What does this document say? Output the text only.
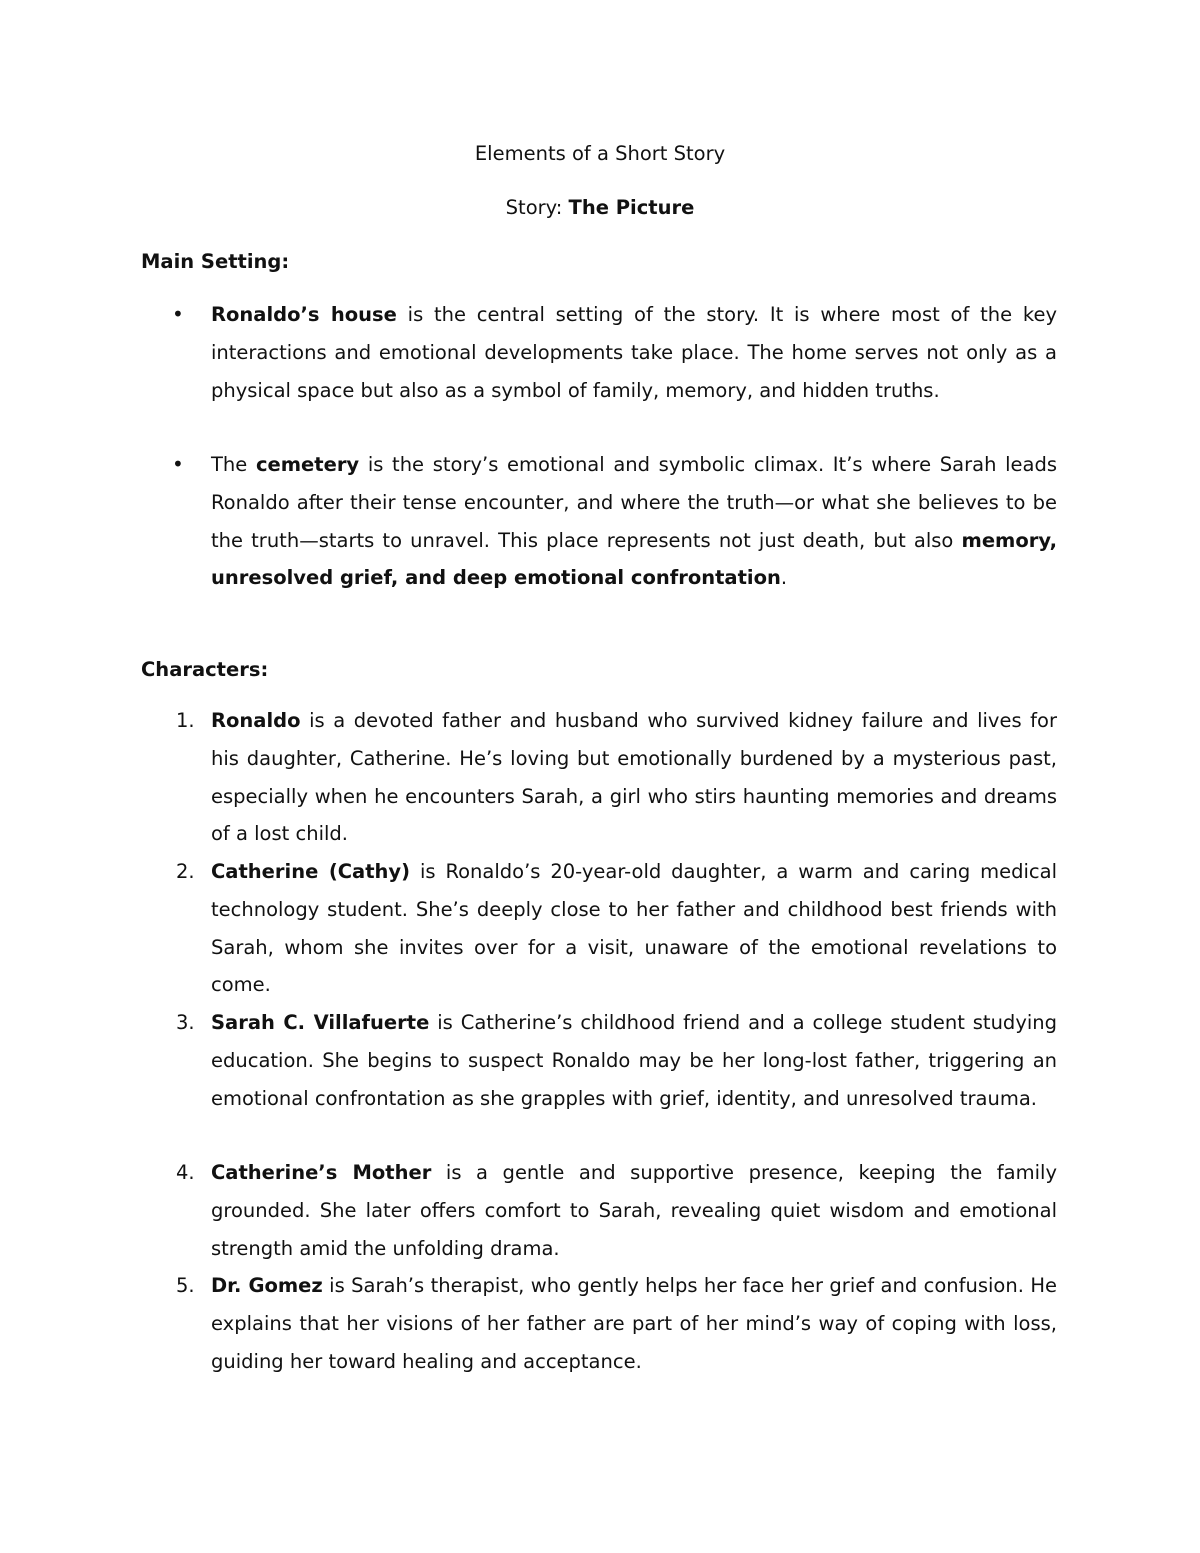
Elements of a Short Story

Story: The Picture

Main Setting:
• Ronaldo’s house is the central setting of the story. It is where most of the key interactions and emotional developments take place. The home serves not only as a physical space but also as a symbol of family, memory, and hidden truths.

• The cemetery is the story’s emotional and symbolic climax. It’s where Sarah leads Ronaldo after their tense encounter, and where the truth—or what she believes to be the truth—starts to unravel. This place represents not just death, but also memory, unresolved grief, and deep emotional confrontation.

Characters:
1. Ronaldo is a devoted father and husband who survived kidney failure and lives for his daughter, Catherine. He’s loving but emotionally burdened by a mysterious past, especially when he encounters Sarah, a girl who stirs haunting memories and dreams of a lost child.

2. Catherine (Cathy) is Ronaldo’s 20-year-old daughter, a warm and caring medical technology student. She’s deeply close to her father and childhood best friends with Sarah, whom she invites over for a visit, unaware of the emotional revelations to come.

3. Sarah C. Villafuerte is Catherine’s childhood friend and a college student studying education. She begins to suspect Ronaldo may be her long-lost father, triggering an emotional confrontation as she grapples with grief, identity, and unresolved trauma.

4. Catherine’s Mother is a gentle and supportive presence, keeping the family grounded. She later offers comfort to Sarah, revealing quiet wisdom and emotional strength amid the unfolding drama.

5. Dr. Gomez is Sarah’s therapist, who gently helps her face her grief and confusion. He explains that her visions of her father are part of her mind’s way of coping with loss, guiding her toward healing and acceptance.
